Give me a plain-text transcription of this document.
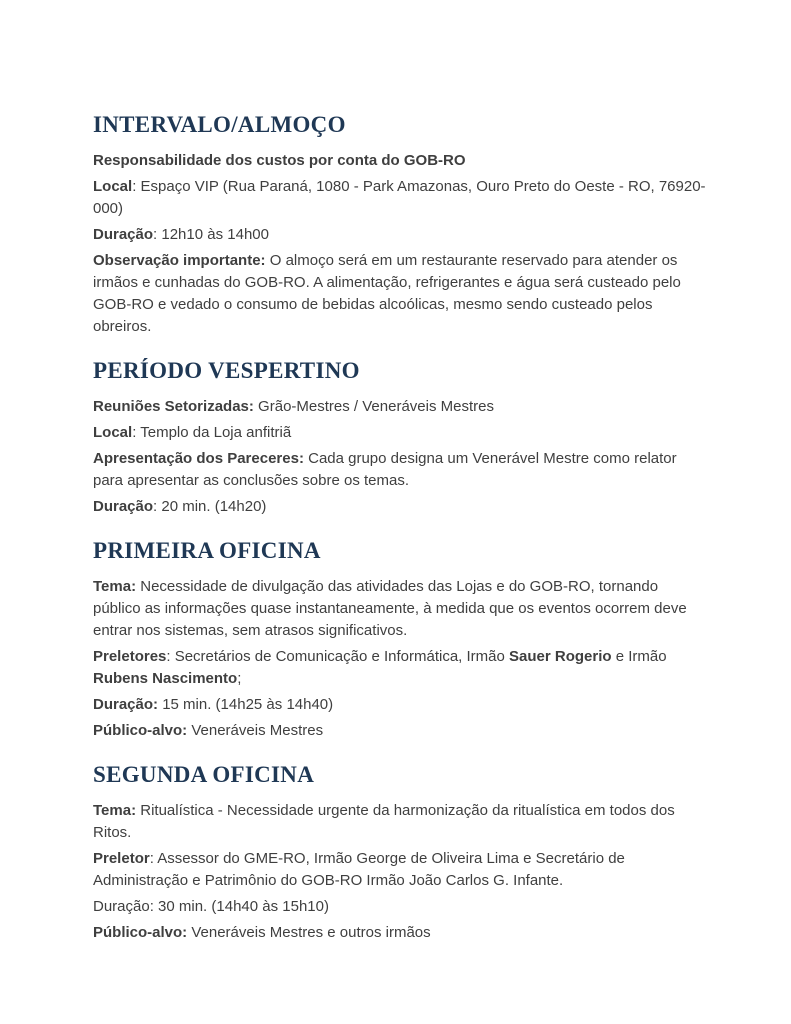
INTERVALO/ALMOÇO

Responsabilidade dos custos por conta do GOB-RO

Local: Espaço VIP (Rua Paraná, 1080 - Park Amazonas, Ouro Preto do Oeste - RO, 76920-000)

Duração: 12h10 às 14h00

Observação importante: O almoço será em um restaurante reservado para atender os irmãos e cunhadas do GOB-RO. A alimentação, refrigerantes e água será custeado pelo GOB-RO e vedado o consumo de bebidas alcoólicas, mesmo sendo custeado pelos obreiros.

PERÍODO VESPERTINO

Reuniões Setorizadas: Grão-Mestres / Veneráveis Mestres

Local: Templo da Loja anfitriã

Apresentação dos Pareceres: Cada grupo designa um Venerável Mestre como relator para apresentar as conclusões sobre os temas.

Duração: 20 min. (14h20)

PRIMEIRA OFICINA

Tema: Necessidade de divulgação das atividades das Lojas e do GOB-RO, tornando público as informações quase instantaneamente, à medida que os eventos ocorrem deve entrar nos sistemas, sem atrasos significativos.

Preletores: Secretários de Comunicação e Informática, Irmão Sauer Rogerio e Irmão Rubens Nascimento;

Duração: 15 min. (14h25 às 14h40)

Público-alvo: Veneráveis Mestres

SEGUNDA OFICINA

Tema: Ritualística - Necessidade urgente da harmonização da ritualística em todos dos Ritos.

Preletor: Assessor do GME-RO, Irmão George de Oliveira Lima e Secretário de Administração e Patrimônio do GOB-RO Irmão João Carlos G. Infante.

Duração: 30 min. (14h40 às 15h10)

Público-alvo: Veneráveis Mestres e outros irmãos
